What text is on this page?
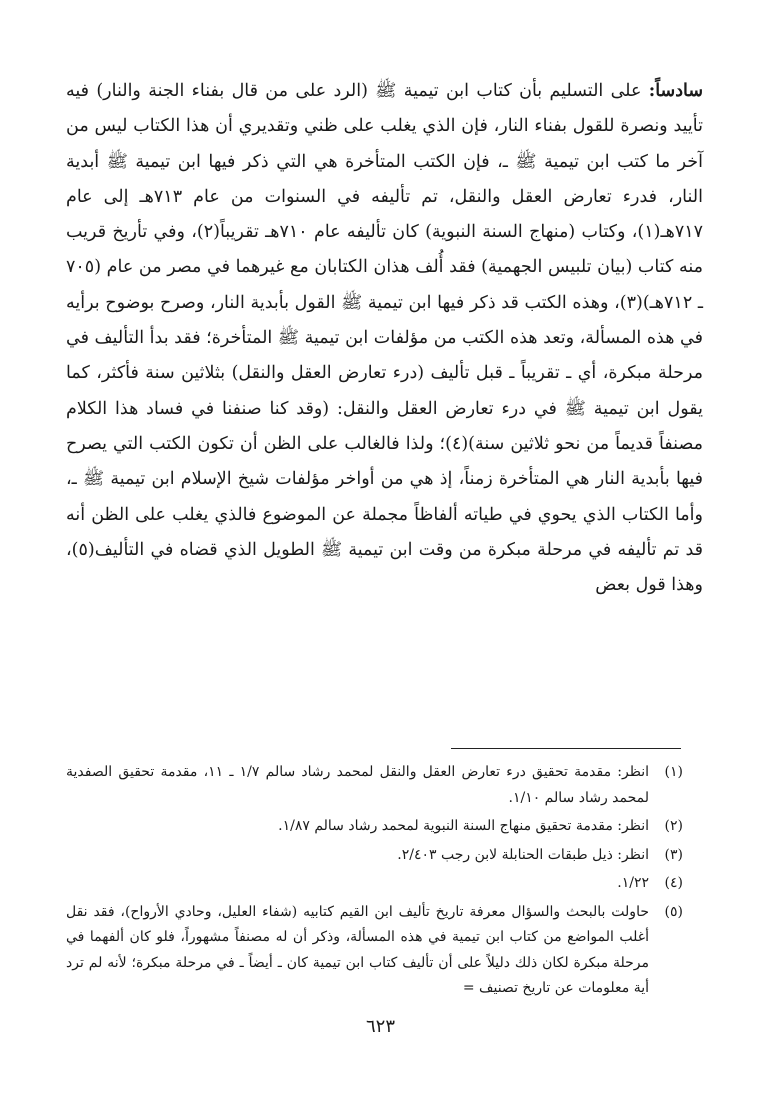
سادساً: على التسليم بأن كتاب ابن تيمية ﷺ (الرد على من قال بفناء الجنة والنار) فيه تأييد ونصرة للقول بفناء النار، فإن الذي يغلب على ظني وتقديري أن هذا الكتاب ليس من آخر ما كتب ابن تيمية ﷺ ـ، فإن الكتب المتأخرة هي التي ذكر فيها ابن تيمية ﷺ أبدية النار، فدرء تعارض العقل والنقل، تم تأليفه في السنوات من عام ٧١٣هـ إلى عام ٧١٧هـ(١)، وكتاب (منهاج السنة النبوية) كان تأليفه عام ٧١٠هـ تقريباً(٢)، وفي تأريخ قريب منه كتاب (بيان تلبيس الجهمية) فقد أُلف هذان الكتابان مع غيرهما في مصر من عام (٧٠٥ ـ ٧١٢هـ)(٣)، وهذه الكتب قد ذكر فيها ابن تيمية ﷺ القول بأبدية النار، وصرح بوضوح برأيه في هذه المسألة، وتعد هذه الكتب من مؤلفات ابن تيمية ﷺ المتأخرة؛ فقد بدأ التأليف في مرحلة مبكرة، أي ـ تقريباً ـ قبل تأليف (درء تعارض العقل والنقل) بثلاثين سنة فأكثر، كما يقول ابن تيمية ﷺ في درء تعارض العقل والنقل: (وقد كنا صنفنا في فساد هذا الكلام مصنفاً قديماً من نحو ثلاثين سنة)(٤)؛ ولذا فالغالب على الظن أن تكون الكتب التي يصرح فيها بأبدية النار هي المتأخرة زمناً، إذ هي من أواخر مؤلفات شيخ الإسلام ابن تيمية ﷺ ـ، وأما الكتاب الذي يحوي في طياته ألفاظاً مجملة عن الموضوع فالذي يغلب على الظن أنه قد تم تأليفه في مرحلة مبكرة من وقت ابن تيمية ﷺ الطويل الذي قضاه في التأليف(٥)، وهذا قول بعض
(١)
انظر: مقدمة تحقيق درء تعارض العقل والنقل لمحمد رشاد سالم ١/٧ ـ ١١، مقدمة تحقيق الصفدية لمحمد رشاد سالم ١/١٠.
(٢)
انظر: مقدمة تحقيق منهاج السنة النبوية لمحمد رشاد سالم ١/٨٧.
(٣)
انظر: ذيل طبقات الحنابلة لابن رجب ٢/٤٠٣.
(٤)
١/٢٢.
(٥)
حاولت بالبحث والسؤال معرفة تاريخ تأليف ابن القيم كتابيه (شفاء العليل، وحادي الأرواح)، فقد نقل أغلب المواضع من كتاب ابن تيمية في هذه المسألة، وذكر أن له مصنفاً مشهوراً، فلو كان ألفهما في مرحلة مبكرة لكان ذلك دليلاً على أن تأليف كتاب ابن تيمية كان ـ أيضاً ـ في مرحلة مبكرة؛ لأنه لم ترد أية معلومات عن تاريخ تصنيف =
٦٢٣
